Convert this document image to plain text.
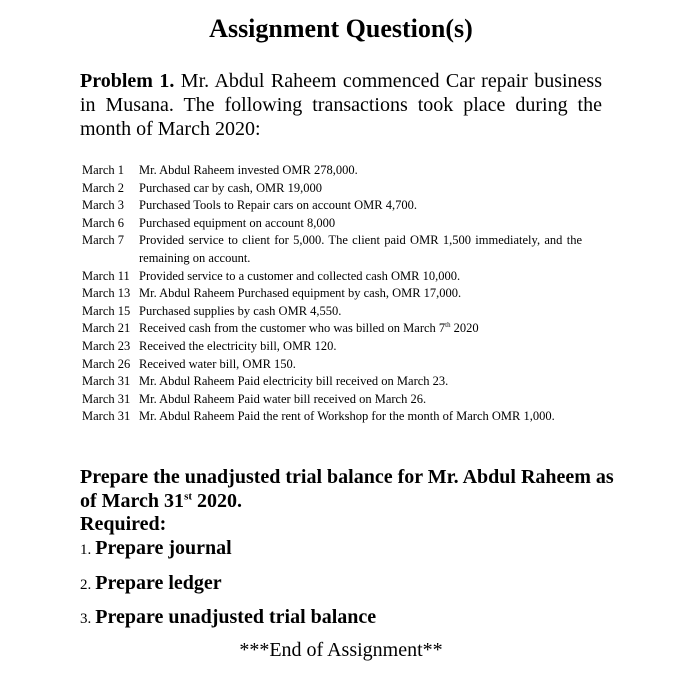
Assignment Question(s)

Problem 1. Mr. Abdul Raheem commenced Car repair business in Musana. The following transactions took place during the month of March 2020:

March 1	Mr. Abdul Raheem invested OMR 278,000.
March 2	Purchased car by cash, OMR 19,000
March 3	Purchased Tools to Repair cars on account OMR 4,700.
March 6	Purchased equipment on account 8,000
March 7	Provided service to client for 5,000. The client paid OMR 1,500 immediately, and the remaining on account.
March 11 Provided service to a customer and collected cash OMR 10,000.
March 13 Mr. Abdul Raheem Purchased equipment by cash, OMR 17,000.
March 15 Purchased supplies by cash OMR 4,550.
March 21 Received cash from the customer who was billed on March 7th 2020
March 23 Received the electricity bill, OMR 120.
March 26 Received water bill, OMR 150.
March 31 Mr. Abdul Raheem Paid electricity bill received on March 23.
March 31 Mr. Abdul Raheem Paid water bill received on March 26.
March 31 Mr. Abdul Raheem Paid the rent of Workshop for the month of March OMR 1,000.

Prepare the unadjusted trial balance for Mr. Abdul Raheem as of March 31st 2020.

Required:

1. Prepare journal
2. Prepare ledger
3. Prepare unadjusted trial balance

***End of Assignment**
